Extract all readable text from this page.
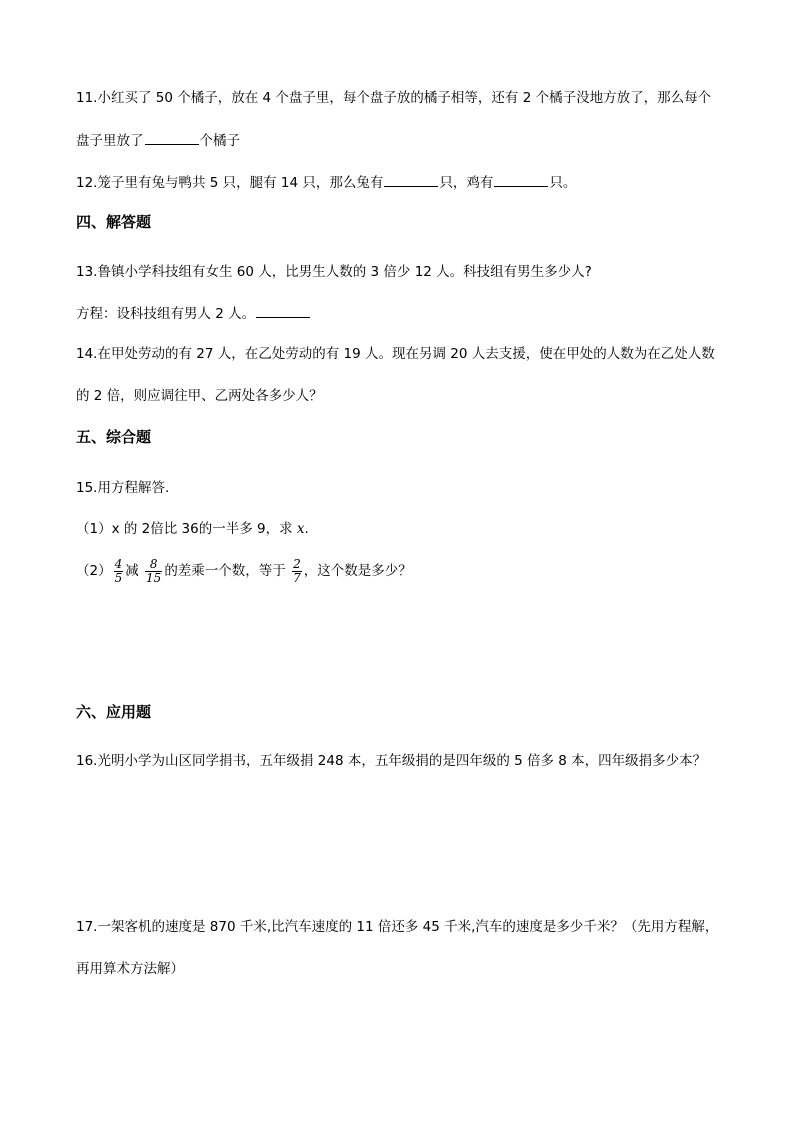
11.小红买了 50 个橘子，放在 4 个盘子里，每个盘子放的橘子相等，还有 2 个橘子没地方放了，那么每个
盘子里放了	个橘子
12.笼子里有兔与鸭共 5 只，腿有 14 只，那么兔有	只，鸡有	只。
四、解答题
13.鲁镇小学科技组有女生 60 人，比男生人数的 3 倍少 12 人。科技组有男生多少人?
方程：设科技组有男人 2 人。
14.在甲处劳动的有 27 人，在乙处劳动的有 19 人。现在另调 20 人去支援，使在甲处的人数为在乙处人数
的 2 倍，则应调往甲、乙两处各多少人？
五、综合题
15.用方程解答.
（1）x 的 2倍比 36的一半多 9，求 x.
$(2) \frac{4}{5}$ 减 $\frac{8}{15}$ 的差乘一个数，等于 $\frac{2}{7}$ ，这个数是多少？
六、应用题
16.光明小学为山区同学捐书，五年级捐 248 本，五年级捐的是四年级的 5 倍多 8 本，四年级捐多少本？
17.一架客机的速度是 870 千米,比汽车速度的 11 倍还多 45 千米,汽车的速度是多少千米？（先用方程解，
再用算术方法解）
